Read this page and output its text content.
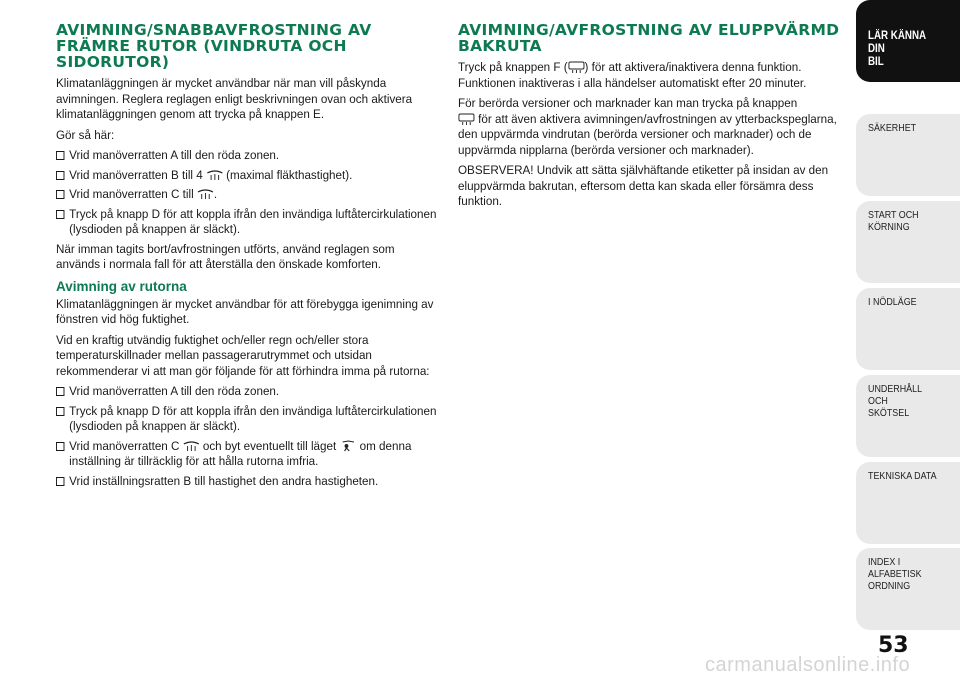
AVIMNING/SNABBAVFROSTNING AV FRÄMRE RUTOR (VINDRUTA OCH SIDORUTOR)

Klimatanläggningen är mycket användbar när man vill påskynda avimningen. Reglera reglagen enligt beskrivningen ovan och aktivera klimatanläggningen genom att trycka på knappen E.

Gör så här:

Vrid manöverratten A till den röda zonen.
Vrid manöverratten B till 4 (maximal fläkthastighet).
Vrid manöverratten C till .
Tryck på knapp D för att koppla ifrån den invändiga luftåtercirkulationen (lysdioden på knappen är släckt).

När imman tagits bort/avfrostningen utförts, använd reglagen som används i normala fall för att återställa den önskade komforten.

Avimning av rutorna

Klimatanläggningen är mycket användbar för att förebygga igenimning av fönstren vid hög fuktighet.

Vid en kraftig utvändig fuktighet och/eller regn och/eller stora temperaturskillnader mellan passagerarutrymmet och utsidan rekommenderar vi att man gör följande för att förhindra imma på rutorna:

Vrid manöverratten A till den röda zonen.
Tryck på knapp D för att koppla ifrån den invändiga luftåtercirkulationen (lysdioden på knappen är släckt).
Vrid manöverratten C och byt eventuellt till läget om denna inställning är tillräcklig för att hålla rutorna imfria.
Vrid inställningsratten B till hastighet den andra hastigheten.
AVIMNING/AVFROSTNING AV ELUPPVÄRMD BAKRUTA

Tryck på knappen F ( ) för att aktivera/inaktivera denna funktion. Funktionen inaktiveras i alla händelser automatiskt efter 20 minuter.

För berörda versioner och marknader kan man trycka på knappen
för att även aktivera avimningen/avfrostningen av ytterbackspeglarna, den uppvärmda vindrutan (berörda versioner och marknader) och de uppvärmda nipplarna (berörda versioner och marknader).

OBSERVERA! Undvik att sätta självhäftande etiketter på insidan av den eluppvärmda bakrutan, eftersom detta kan skada eller försämra dess funktion.

LÄR KÄNNA DIN
BIL
SÄKERHET
START OCH
KÖRNING
I NÖDLÄGE
UNDERHÅLL OCH
SKÖTSEL
TEKNISKA DATA
INDEX I ALFABETISK
ORDNING
53
carmanualsonline.info
